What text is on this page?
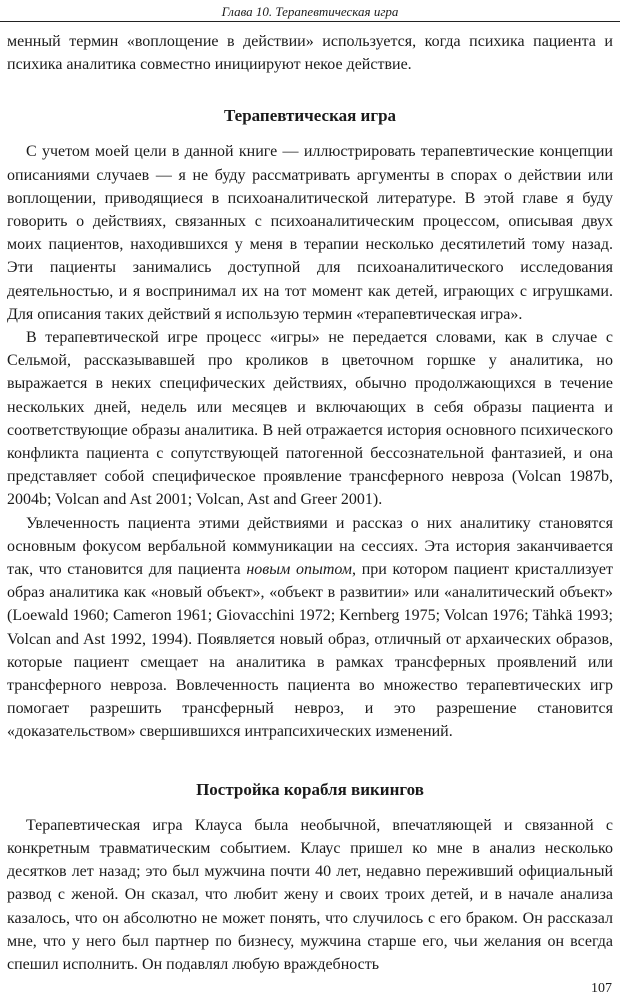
Глава 10. Терапевтическая игра

менный термин «воплощение в действии» используется, когда психика пациента и психика аналитика совместно инициируют некое действие.

Терапевтическая игра

С учетом моей цели в данной книге — иллюстрировать терапевтические концепции описаниями случаев — я не буду рассматривать аргументы в спорах о действии или воплощении, приводящиеся в психоаналитической литературе. В этой главе я буду говорить о действиях, связанных с психоаналитическим процессом, описывая двух моих пациентов, находившихся у меня в терапии несколько десятилетий тому назад. Эти пациенты занимались доступной для психоаналитического исследования деятельностью, и я воспринимал их на тот момент как детей, играющих с игрушками. Для описания таких действий я использую термин «терапевтическая игра».

В терапевтической игре процесс «игры» не передается словами, как в случае с Сельмой, рассказывавшей про кроликов в цветочном горшке у аналитика, но выражается в неких специфических действиях, обычно продолжающихся в течение нескольких дней, недель или месяцев и включающих в себя образы пациента и соответствующие образы аналитика. В ней отражается история основного психического конфликта пациента с сопутствующей патогенной бессознательной фантазией, и она представляет собой специфическое проявление трансферного невроза (Volcan 1987b, 2004b; Volcan and Ast 2001; Volcan, Ast and Greer 2001).

Увлеченность пациента этими действиями и рассказ о них аналитику становятся основным фокусом вербальной коммуникации на сессиях. Эта история заканчивается так, что становится для пациента новым опытом, при котором пациент кристаллизует образ аналитика как «новый объект», «объект в развитии» или «аналитический объект» (Loewald 1960; Cameron 1961; Giovacchini 1972; Kernberg 1975; Volcan 1976; Tähkä 1993; Volcan and Ast 1992, 1994). Появляется новый образ, отличный от архаических образов, которые пациент смещает на аналитика в рамках трансферных проявлений или трансферного невроза. Вовлеченность пациента во множество терапевтических игр помогает разрешить трансферный невроз, и это разрешение становится «доказательством» свершившихся интрапсихических изменений.

Постройка корабля викингов

Терапевтическая игра Клауса была необычной, впечатляющей и связанной с конкретным травматическим событием. Клаус пришел ко мне в анализ несколько десятков лет назад; это был мужчина почти 40 лет, недавно переживший официальный развод с женой. Он сказал, что любит жену и своих троих детей, и в начале анализа казалось, что он абсолютно не может понять, что случилось с его браком. Он рассказал мне, что у него был партнер по бизнесу, мужчина старше его, чьи желания он всегда спешил исполнить. Он подавлял любую враждебность

107
